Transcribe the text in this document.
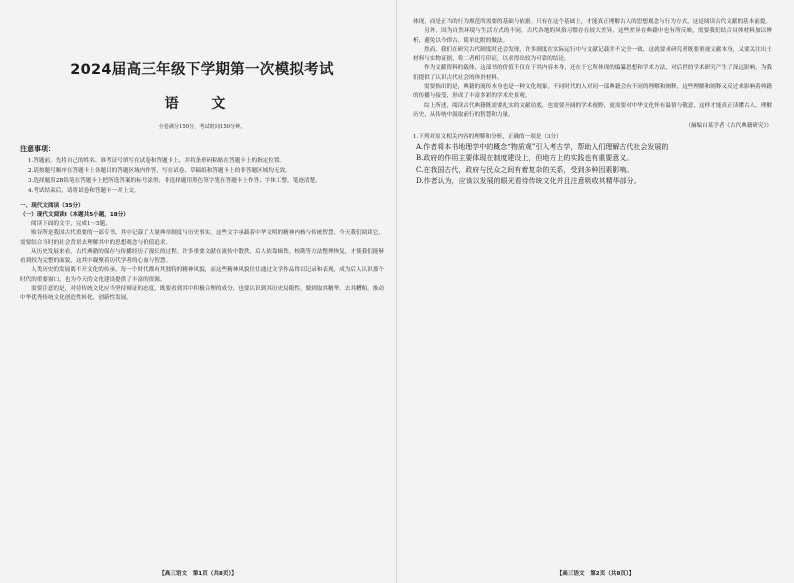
2024届高三年级下学期第一次模拟考试
语 文
全卷满分150分，考试时间150分钟。
注意事项：
1.答题前，先将自己的姓名、准考证号填写在试卷和答题卡上，并将条形码粘贴在答题卡上的指定位置。
2.请按题号顺序在答题卡上各题目的答题区域内作答，写在试卷、草稿纸和答题卡上的非答题区域均无效。
3.选择题用2B铅笔在答题卡上把所选答案的标号涂黑；非选择题用黑色签字笔在答题卡上作答；字体工整，笔迹清楚。
4.考试结束后，请将试卷和答题卡一并上交。
一、现代文阅读（35分）
（一）现代文阅读Ⅰ（本题共5小题，18分）

阅读下面的文字，完成1～5题。

贻谷所是我国古代重要的一部专书，其中记载了大量典章制度与历史事实，这些文字承载着中华文明的精神内核与传统智慧，今天我们阅读它，需要结合当时的社会背景去理解其中的思想观念与价值追求。

从历史发展来看，古代典籍的保存与传播经历了漫长的过程。许多重要文献在流传中散佚，后人依靠辑佚、校勘等方法整理恢复，才使我们能够看到较为完整的面貌，这其中凝聚着历代学者的心血与智慧。

人类历史的发展离不开文化的传承。每一个时代都有其独特的精神风貌，而这些精神风貌往往通过文学作品得以记录和表现，成为后人认识那个时代的重要窗口，也为今天的文化建设提供了丰富的资源。

需要注意的是，对待传统文化应当坚持辩证的态度，既要看到其中积极合理的成分，也要认识到其历史局限性，做到取其精华、去其糟粕，推动中华优秀传统文化创造性转化、创新性发展。

【高三语文　第1页（共8页）】

体现，而是正当的行为规范所需要的基础与依据。只有在这个基础上，才能真正理解古人的思想观念与行为方式，这是阅读古代文献的基本前提。

另外，因为自然环境与生活方式的不同，古代各地的风俗习惯存在较大差异，这些差异在典籍中也有所反映，需要我们结合具体材料加以辨析，避免以今律古、简单比附的做法。

然而，我们在研究古代制度时还会发现，许多制度在实际运行中与文献记载并不完全一致，这就要求研究者既要重视文献本身，又要关注出土材料与实物证据，将二者相互印证，以求得出较为可靠的结论。

作为文献资料的载体，这部书的价值不仅在于其内容本身，还在于它所体现的编纂思想和学术方法，对后世的学术研究产生了深远影响，为我们提供了认识古代社会的珍贵材料。

需要指出的是，典籍的流传本身也是一种文化现象。不同时代的人对同一部典籍会有不同的理解和阐释，这些理解和阐释又反过来影响着典籍的传播与接受，形成了丰富多彩的学术史景观。

综上所述，阅读古代典籍既需要扎实的文献功底，也需要开阔的学术视野，更需要对中华文化怀有温情与敬意，这样才能真正读懂古人、理解历史，从传统中汲取前行的智慧和力量。

（摘编自某学者《古代典籍研究》）
1.下列对原文相关内容的理解和分析，正确的一项是（3分）
A.作者将本书地理学中的概念“物质观”引入考古学，帮助人们理解古代社会发展的
B.政府的作用主要体现在制度建设上，但地方上的实践也有重要意义。
C.在我国古代，政府与民众之间有着复杂的关系，受到多种因素影响。
D.作者认为，应该以发展的眼光看待传统文化并且注意吸收其精华部分。
【高三语文　第2页（共8页）】
